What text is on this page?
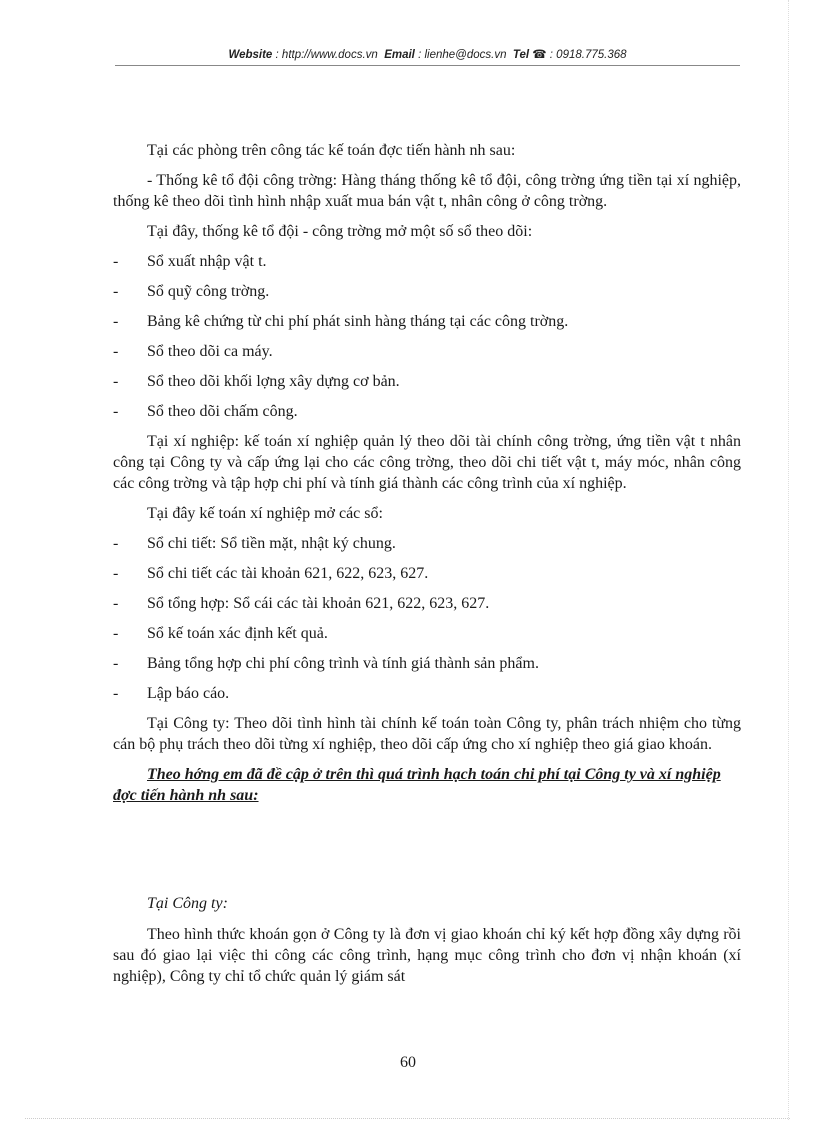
Website : http://www.docs.vn Email : lienhe@docs.vn Tel ☎ : 0918.775.368

Tại các phòng trên công tác kế toán đợc tiến hành nh sau:

- Thống kê tổ đội công trờng: Hàng tháng thống kê tổ đội, công trờng ứng tiền tại xí nghiệp, thống kê theo dõi tình hình nhập xuất mua bán vật t, nhân công ở công trờng.

Tại đây, thống kê tổ đội - công trờng mở một số sổ theo dõi:

-	Sổ xuất nhập vật t.
-	Sổ quỹ công trờng.
-	Bảng kê chứng từ chi phí phát sinh hàng tháng tại các công trờng.
-	Sổ theo dõi ca máy.
-	Sổ theo dõi khối lợng xây dựng cơ bản.
-	Sổ theo dõi chấm công.

Tại xí nghiệp: kế toán xí nghiệp quản lý theo dõi tài chính công trờng, ứng tiền vật t nhân công tại Công ty và cấp ứng lại cho các công trờng, theo dõi chi tiết vật t, máy móc, nhân công các công trờng và tập hợp chi phí và tính giá thành các công trình của xí nghiệp.

Tại đây kế toán xí nghiệp mở các sổ:

-	Sổ chi tiết: Sổ tiền mặt, nhật ký chung.
-	Sổ chi tiết các tài khoản 621, 622, 623, 627.
-	Sổ tổng hợp: Sổ cái các tài khoản 621, 622, 623, 627.
-	Sổ kế toán xác định kết quả.
-	Bảng tổng hợp chi phí công trình và tính giá thành sản phẩm.
-	Lập báo cáo.

Tại Công ty: Theo dõi tình hình tài chính kế toán toàn Công ty, phân trách nhiệm cho từng cán bộ phụ trách theo dõi từng xí nghiệp, theo dõi cấp ứng cho xí nghiệp theo giá giao khoán.

Theo hớng em đã đề cập ở trên thì quá trình hạch toán chi phí tại Công ty và xí nghiệp đợc tiến hành nh sau:

Tại Công ty:

Theo hình thức khoán gọn ở Công ty là đơn vị giao khoán chỉ ký kết hợp đồng xây dựng rồi sau đó giao lại việc thi công các công trình, hạng mục công trình cho đơn vị nhận khoán (xí nghiệp), Công ty chỉ tổ chức quản lý giám sát

60
